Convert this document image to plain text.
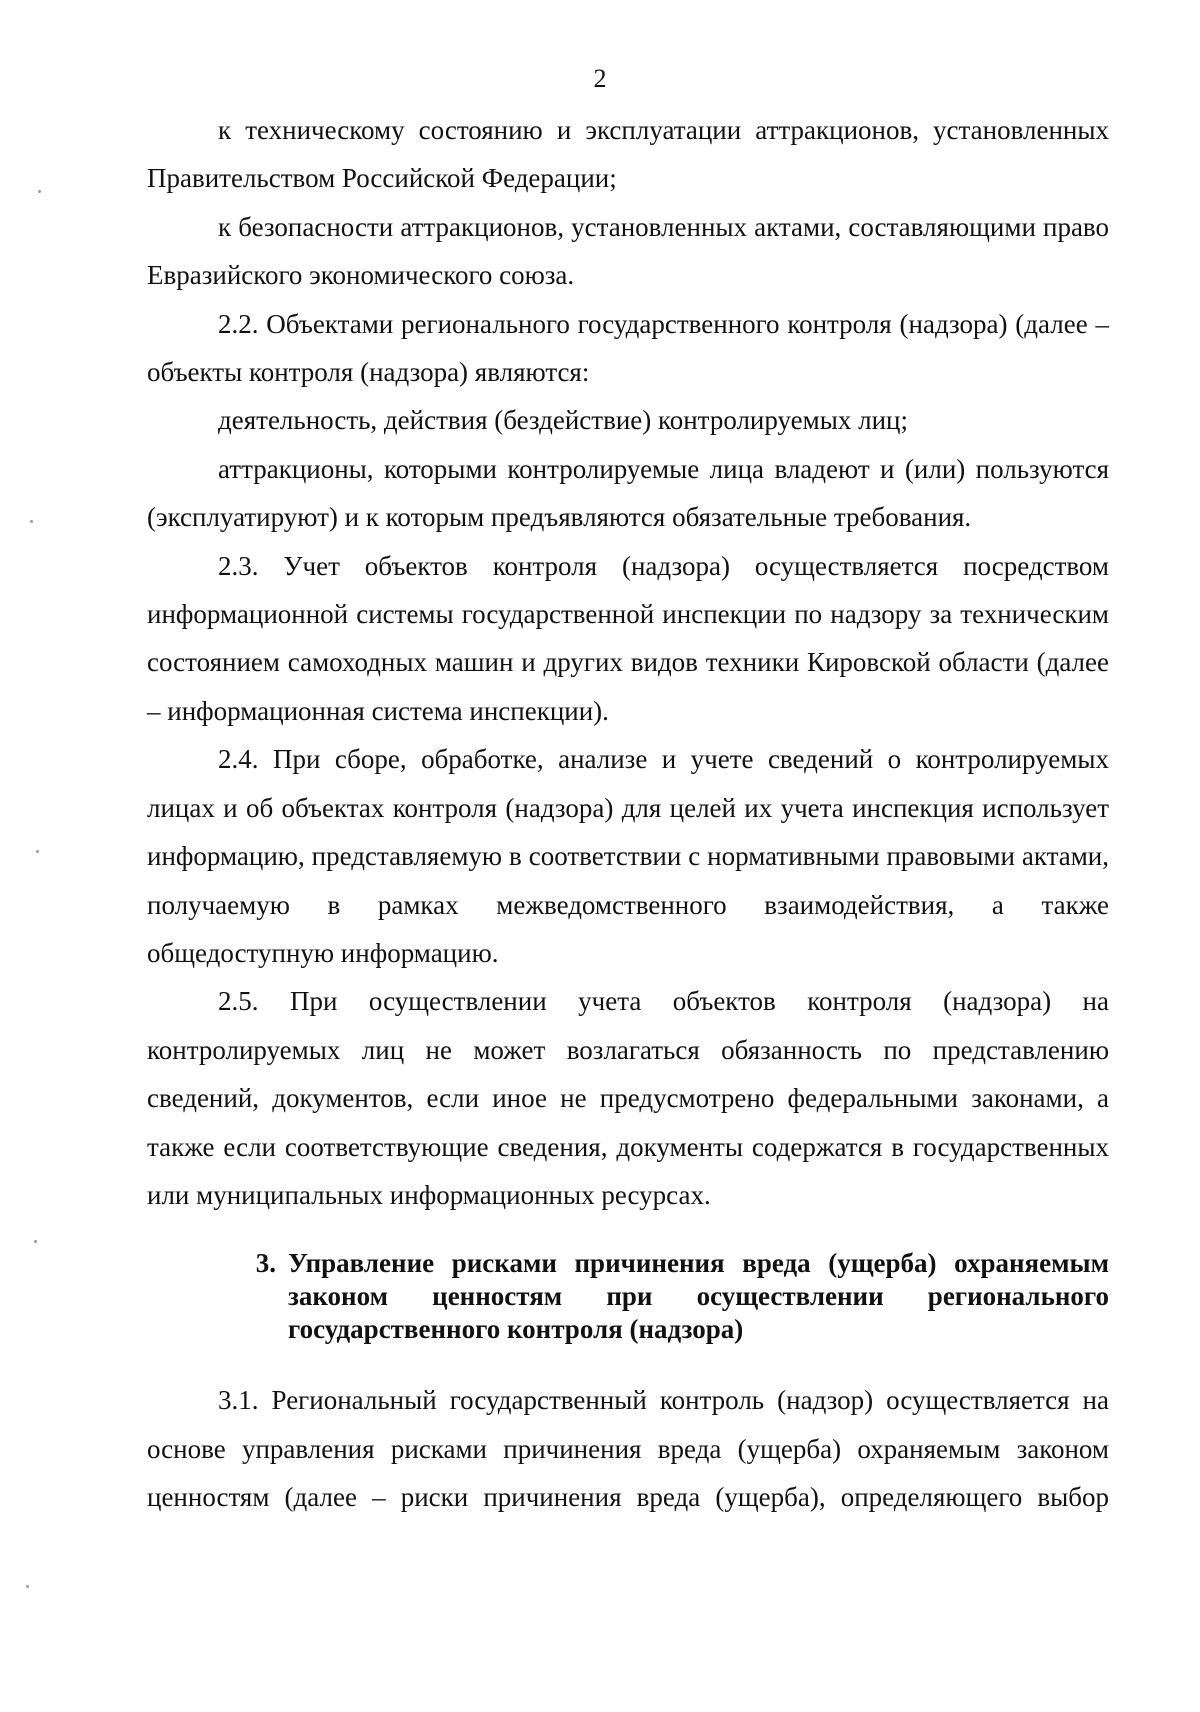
2

к техническому состоянию и эксплуатации аттракционов, установленных Правительством Российской Федерации;

к безопасности аттракционов, установленных актами, составляющими право Евразийского экономического союза.

2.2. Объектами регионального государственного контроля (надзора) (далее – объекты контроля (надзора) являются:

деятельность, действия (бездействие) контролируемых лиц;

аттракционы, которыми контролируемые лица владеют и (или) пользуются (эксплуатируют) и к которым предъявляются обязательные требования.

2.3. Учет объектов контроля (надзора) осуществляется посредством информационной системы государственной инспекции по надзору за техническим состоянием самоходных машин и других видов техники Кировской области (далее – информационная система инспекции).

2.4. При сборе, обработке, анализе и учете сведений о контролируемых лицах и об объектах контроля (надзора) для целей их учета инспекция использует информацию, представляемую в соответствии с нормативными правовыми актами, получаемую в рамках межведомственного взаимодействия, а также общедоступную информацию.

2.5. При осуществлении учета объектов контроля (надзора) на контролируемых лиц не может возлагаться обязанность по представлению сведений, документов, если иное не предусмотрено федеральными законами, а также если соответствующие сведения, документы содержатся в государственных или муниципальных информационных ресурсах.

3. Управление рисками причинения вреда (ущерба) охраняемым законом ценностям при осуществлении регионального государственного контроля (надзора)

3.1. Региональный государственный контроль (надзор) осуществляется на основе управления рисками причинения вреда (ущерба) охраняемым законом ценностям (далее – риски причинения вреда (ущерба), определяющего выбор
